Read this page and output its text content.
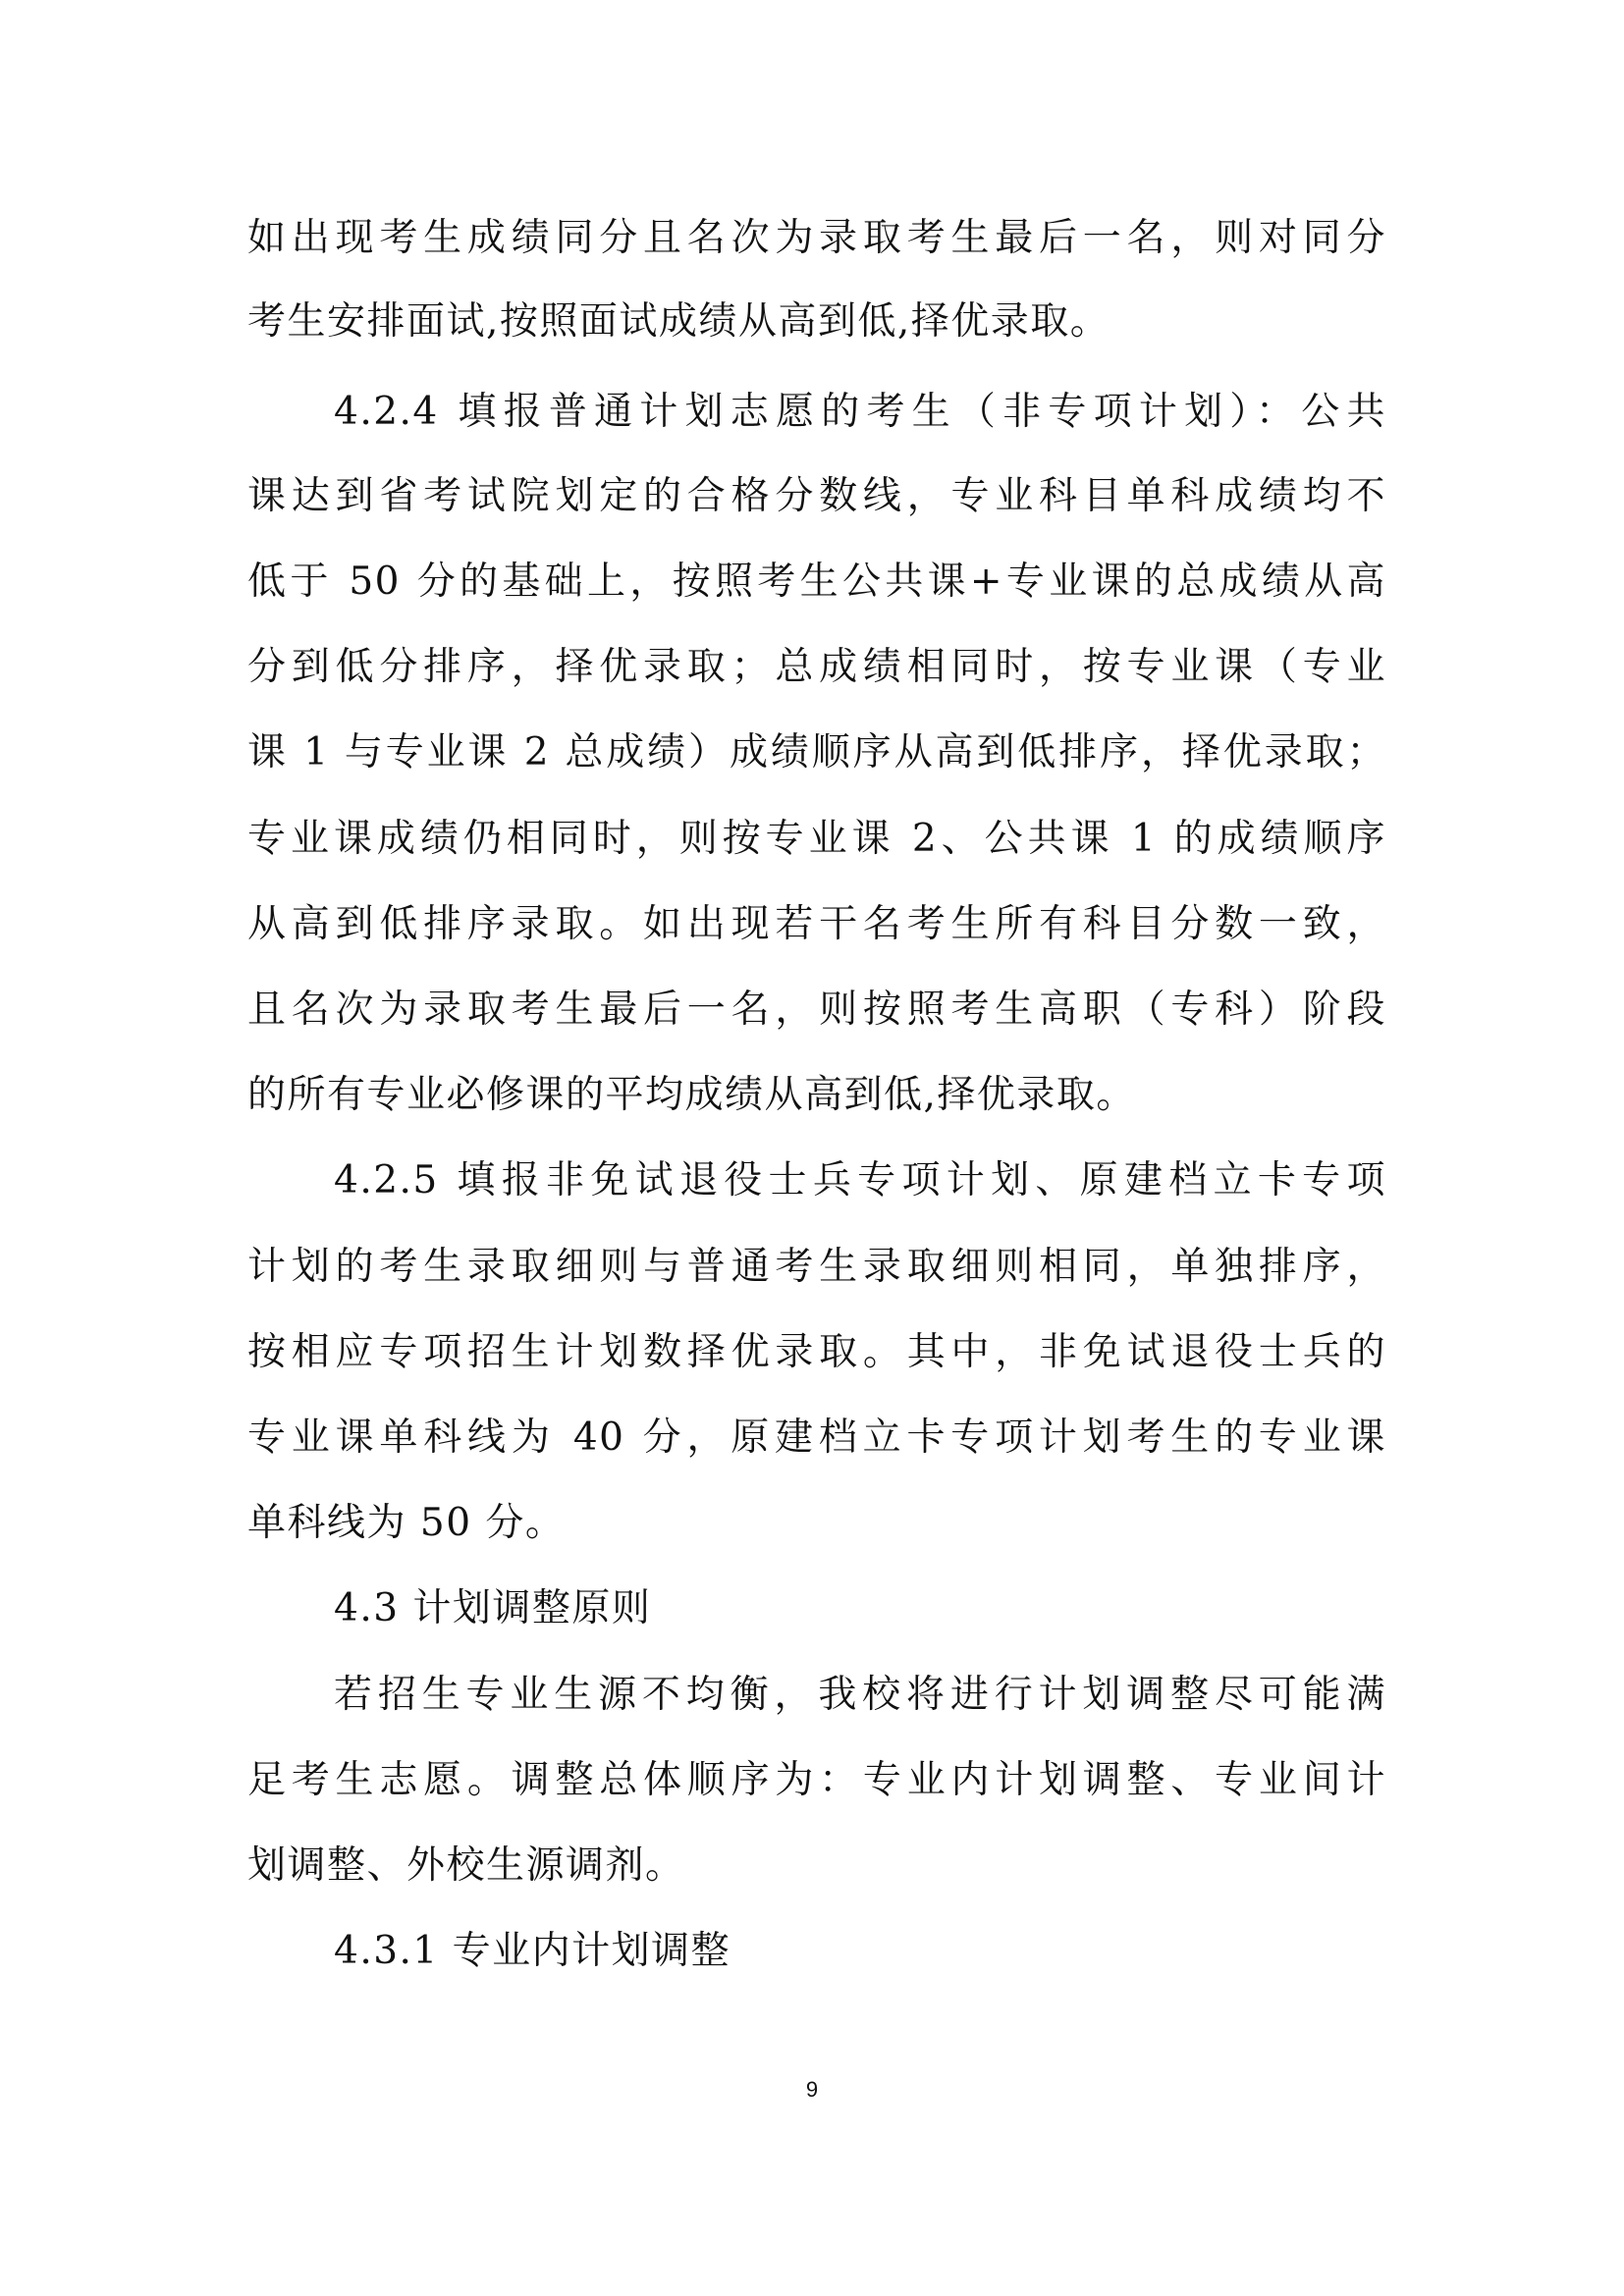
如出现考生成绩同分且名次为录取考生最后一名，则对同分
考生安排面试,按照面试成绩从高到低,择优录取。
4.2.4 填报普通计划志愿的考生（非专项计划）：公共
课达到省考试院划定的合格分数线，专业科目单科成绩均不
低于 50 分的基础上，按照考生公共课+专业课的总成绩从高
分到低分排序，择优录取；总成绩相同时，按专业课（专业
课 1 与专业课 2 总成绩）成绩顺序从高到低排序，择优录取；
专业课成绩仍相同时，则按专业课 2、公共课 1 的成绩顺序
从高到低排序录取。如出现若干名考生所有科目分数一致，
且名次为录取考生最后一名，则按照考生高职（专科）阶段
的所有专业必修课的平均成绩从高到低,择优录取。
4.2.5 填报非免试退役士兵专项计划、原建档立卡专项
计划的考生录取细则与普通考生录取细则相同，单独排序，
按相应专项招生计划数择优录取。其中，非免试退役士兵的
专业课单科线为 40 分，原建档立卡专项计划考生的专业课
单科线为 50 分。
4.3 计划调整原则
若招生专业生源不均衡，我校将进行计划调整尽可能满
足考生志愿。调整总体顺序为：专业内计划调整、专业间计
划调整、外校生源调剂。
4.3.1 专业内计划调整
9
